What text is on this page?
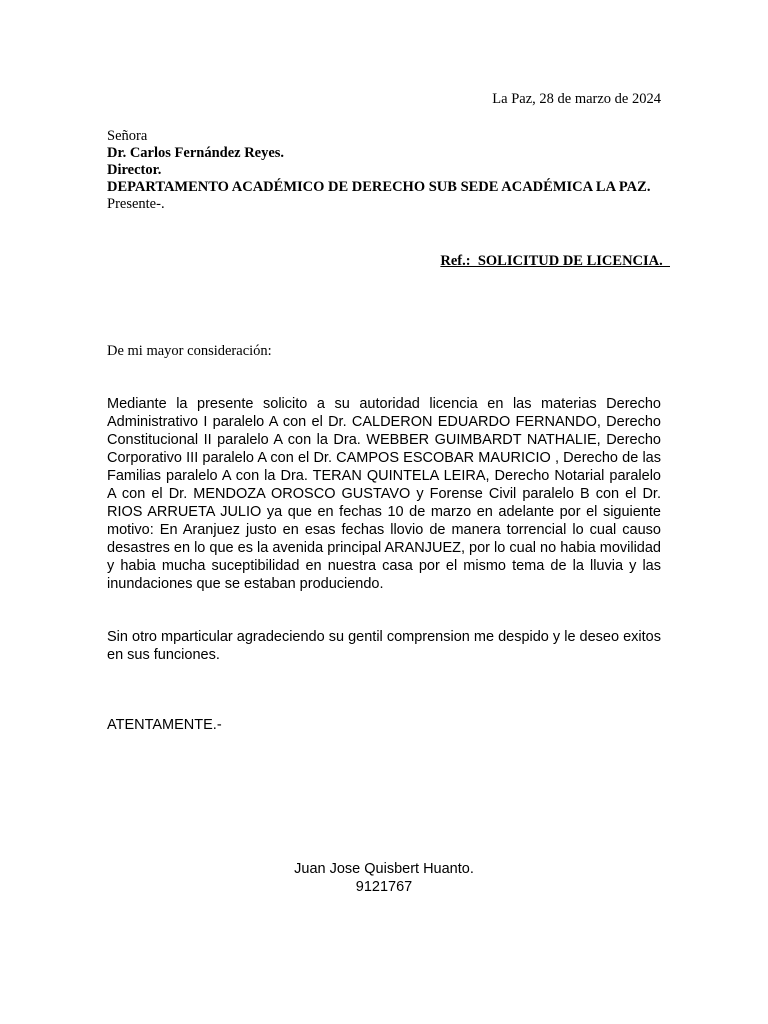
La Paz, 28 de marzo de 2024
Señora
Dr. Carlos Fernández Reyes.
Director.
DEPARTAMENTO ACADÉMICO DE DERECHO SUB SEDE ACADÉMICA LA PAZ.
Presente-.
Ref.:  SOLICITUD DE LICENCIA.
De mi mayor consideración:

Mediante la presente solicito a su autoridad licencia en las materias Derecho Administrativo I paralelo A con el Dr. CALDERON EDUARDO FERNANDO, Derecho Constitucional II paralelo A con la Dra. WEBBER GUIMBARDT NATHALIE, Derecho Corporativo III paralelo A con el Dr. CAMPOS ESCOBAR MAURICIO , Derecho de las Familias paralelo A con la Dra. TERAN QUINTELA LEIRA, Derecho Notarial paralelo A con el Dr. MENDOZA OROSCO GUSTAVO y Forense Civil paralelo B con el Dr. RIOS ARRUETA JULIO ya que en fechas 10 de marzo en adelante por el siguiente motivo: En Aranjuez justo en esas fechas llovio de manera torrencial lo cual causo desastres en lo que es la avenida principal ARANJUEZ, por lo cual no habia movilidad y habia mucha suceptibilidad en nuestra casa por el mismo tema de la lluvia y las inundaciones que se estaban produciendo.

Sin otro mparticular agradeciendo su gentil comprension me despido y le deseo exitos en sus funciones.

ATENTAMENTE.-
Juan Jose Quisbert Huanto.
9121767
